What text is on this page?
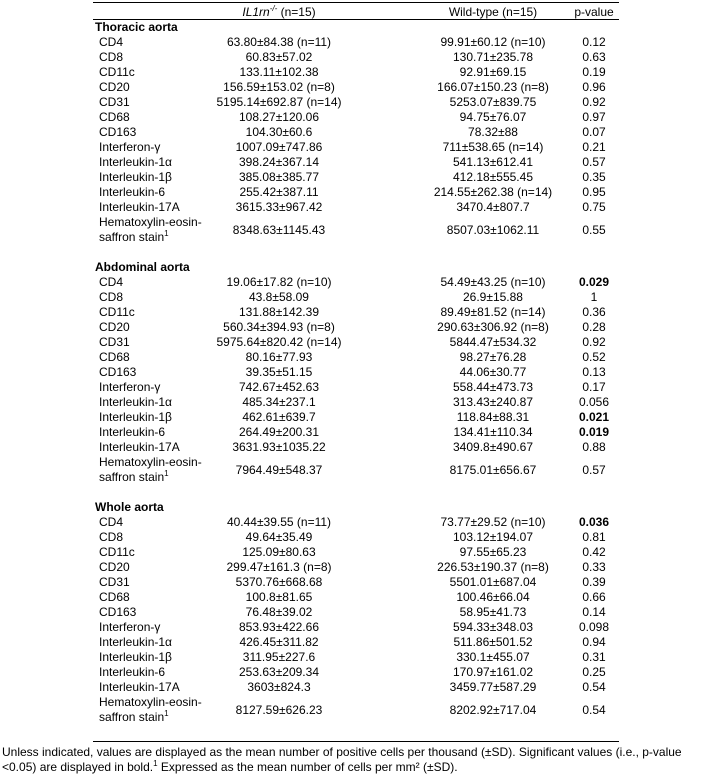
IL1rn-/- (n=15)	Wild-type (n=15)	p-value
Thoracic aorta
CD4	63.80±84.38 (n=11)	99.91±60.12 (n=10)	0.12
CD8	60.83±57.02	130.71±235.78	0.63
CD11c	133.11±102.38	92.91±69.15	0.19
CD20	156.59±153.02 (n=8)	166.07±150.23 (n=8)	0.96
CD31	5195.14±692.87 (n=14)	5253.07±839.75	0.92
CD68	108.27±120.06	94.75±76.07	0.97
CD163	104.30±60.6	78.32±88	0.07
Interferon-γ	1007.09±747.86	711±538.65 (n=14)	0.21
Interleukin-1α	398.24±367.14	541.13±612.41	0.57
Interleukin-1β	385.08±385.77	412.18±555.45	0.35
Interleukin-6	255.42±387.11	214.55±262.38 (n=14)	0.95
Interleukin-17A	3615.33±967.42	3470.4±807.7	0.75
Hematoxylin-eosin-
saffron stain$^1$	8348.63±1145.43	8507.03±1062.11	0.55
Abdominal aorta
CD4	19.06±17.82 (n=10)	54.49±43.25 (n=10)	0.029
CD8	43.8±58.09	26.9±15.88	1
CD11c	131.88±142.39	89.49±81.52 (n=14)	0.36
CD20	560.34±394.93 (n=8)	290.63±306.92 (n=8)	0.28
CD31	5975.64±820.42 (n=14)	5844.47±534.32	0.92
CD68	80.16±77.93	98.27±76.28	0.52
CD163	39.35±51.15	44.06±30.77	0.13
Interferon-γ	742.67±452.63	558.44±473.73	0.17
Interleukin-1α	485.34±237.1	313.43±240.87	0.056
Interleukin-1β	462.61±639.7	118.84±88.31	0.021
Interleukin-6	264.49±200.31	134.41±110.34	0.019
Interleukin-17A	3631.93±1035.22	3409.8±490.67	0.88
Hematoxylin-eosin-
saffron stain$^1$	7964.49±548.37	8175.01±656.67	0.57
Whole aorta
CD4	40.44±39.55 (n=11)	73.77±29.52 (n=10)	0.036
CD8	49.64±35.49	103.12±194.07	0.81
CD11c	125.09±80.63	97.55±65.23	0.42
CD20	299.47±161.3 (n=8)	226.53±190.37 (n=8)	0.33
CD31	5370.76±668.68	5501.01±687.04	0.39
CD68	100.8±81.65	100.46±66.04	0.66
CD163	76.48±39.02	58.95±41.73	0.14
Interferon-γ	853.93±422.66	594.33±348.03	0.098
Interleukin-1α	426.45±311.82	511.86±501.52	0.94
Interleukin-1β	311.95±227.6	330.1±455.07	0.31
Interleukin-6	253.63±209.34	170.97±161.02	0.25
Interleukin-17A	3603±824.3	3459.77±587.29	0.54
Hematoxylin-eosin-
saffron stain$^1$	8127.59±626.23	8202.92±717.04	0.54
Unless indicated, values are displayed as the mean number of positive cells per thousand (±SD). Significant values (i.e., p-value <0.05) are displayed in bold.$^1$ Expressed as the mean number of cells per mm² (±SD).
